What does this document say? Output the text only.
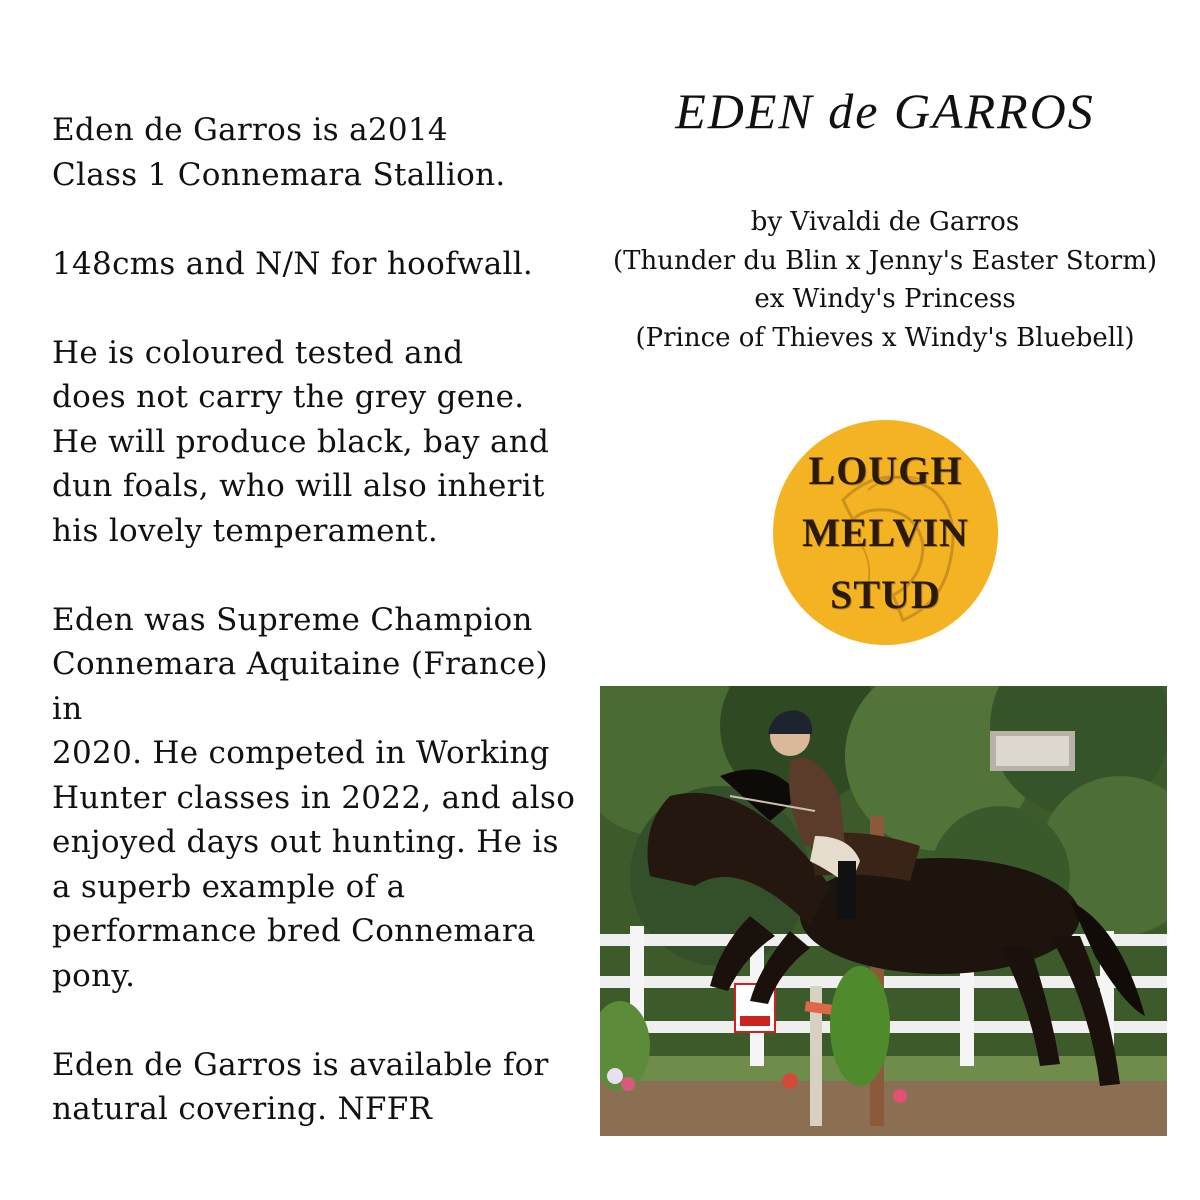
Eden de Garros is a2014
Class 1 Connemara Stallion.

148cms and N/N for hoofwall.

He is coloured tested and
does not carry the grey gene.
He will produce black, bay and
dun foals, who will also inherit
his lovely temperament.

Eden was Supreme Champion
Connemara Aquitaine (France) in
2020. He competed in Working
Hunter classes in 2022, and also
enjoyed days out hunting. He is
a superb example of a
performance bred Connemara
pony.

Eden de Garros is available for
natural covering. NFFR

EDEN de GARROS
by Vivaldi de Garros
(Thunder du Blin x Jenny's Easter Storm)
ex Windy's Princess
(Prince of Thieves x Windy's Bluebell)
LOUGH
MELVIN
STUD
